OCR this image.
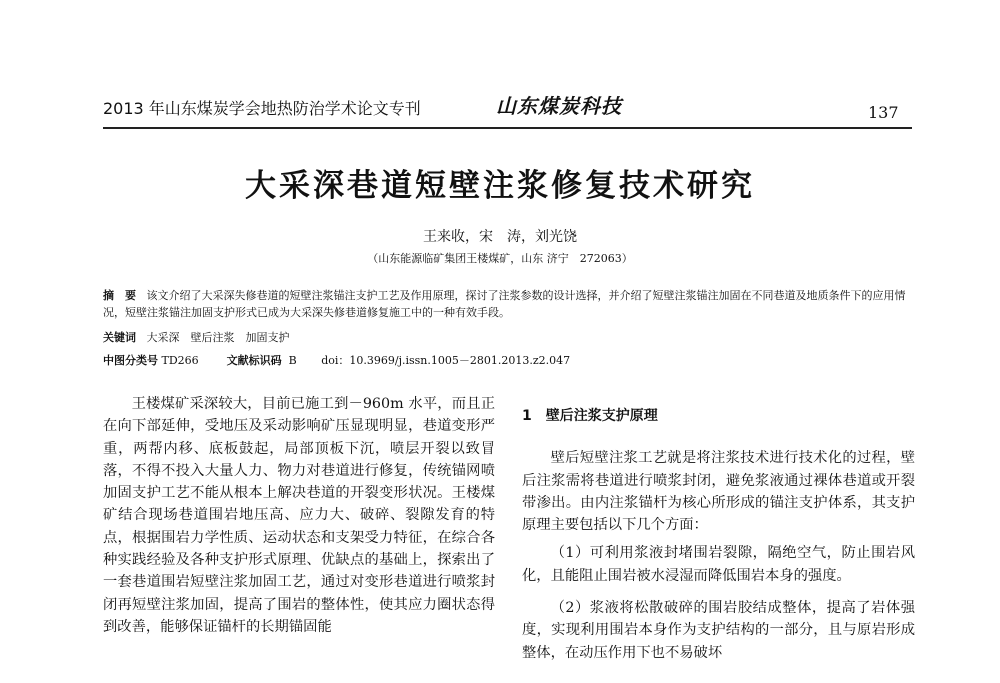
2013 年山东煤炭学会地热防治学术论文专刊	山东煤炭科技	137
大采深巷道短壁注浆修复技术研究
王来收，宋　涛，刘光饶
（山东能源临矿集团王楼煤矿，山东 济宁　272063）
摘　要 该文介绍了大采深失修巷道的短壁注浆锚注支护工艺及作用原理，探讨了注浆参数的设计选择，并介绍了短壁注浆锚注加固在不同巷道及地质条件下的应用情况，短壁注浆锚注加固支护形式已成为大采深失修巷道修复施工中的一种有效手段。
关键词 大采深　壁后注浆　加固支护
中图分类号 TD266	文献标识码 B doi：10.3969/j.issn.1005－2801.2013.z2.047

王楼煤矿采深较大，目前已施工到－960m 水平，而且正在向下部延伸，受地压及采动影响矿压显现明显，巷道变形严重，两帮内移、底板鼓起，局部顶板下沉，喷层开裂以致冒落，不得不投入大量人力、物力对巷道进行修复，传统锚网喷加固支护工艺不能从根本上解决巷道的开裂变形状况。王楼煤矿结合现场巷道围岩地压高、应力大、破碎、裂隙发育的特点，根据围岩力学性质、运动状态和支架受力特征，在综合各种实践经验及各种支护形式原理、优缺点的基础上，探索出了一套巷道围岩短壁注浆加固工艺，通过对变形巷道进行喷浆封闭再短壁注浆加固，提高了围岩的整体性，使其应力圈状态得到改善，能够保证锚杆的长期锚固能

1　壁后注浆支护原理

壁后短壁注浆工艺就是将注浆技术进行技术化的过程，壁后注浆需将巷道进行喷浆封闭，避免浆液通过裸体巷道或开裂带渗出。由内注浆锚杆为核心所形成的锚注支护体系，其支护原理主要包括以下几个方面：

（1）可利用浆液封堵围岩裂隙，隔绝空气，防止围岩风化，且能阻止围岩被水浸湿而降低围岩本身的强度。

（2）浆液将松散破碎的围岩胶结成整体，提高了岩体强度，实现利用围岩本身作为支护结构的一部分，且与原岩形成整体，在动压作用下也不易破坏
